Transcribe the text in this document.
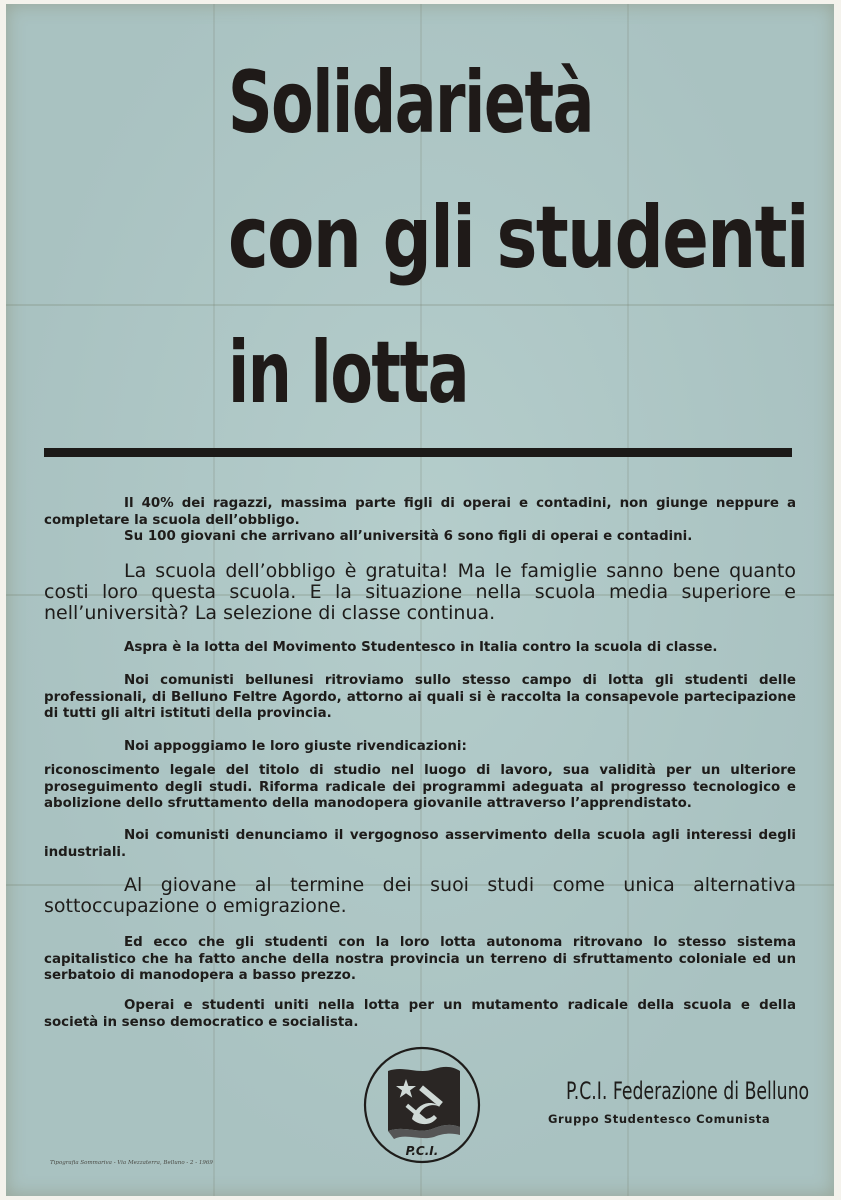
Solidarietà
con gli studenti
in lotta

Il 40% dei ragazzi, massima parte figli di operai e contadini, non giunge neppure a completare la scuola dell’obbligo.

Su 100 giovani che arrivano all’università 6 sono figli di operai e contadini.

La scuola dell’obbligo è gratuita! Ma le famiglie sanno bene quanto costi loro questa scuola. E la situazione nella scuola media superiore e nell’università? La selezione di classe continua.

Aspra è la lotta del Movimento Studentesco in Italia contro la scuola di classe.

Noi comunisti bellunesi ritroviamo sullo stesso campo di lotta gli studenti delle professionali, di Belluno Feltre Agordo, attorno ai quali si è raccolta la consapevole partecipazione di tutti gli altri istituti della provincia.

Noi appoggiamo le loro giuste rivendicazioni:

riconoscimento legale del titolo di studio nel luogo di lavoro, sua validità per un ulteriore proseguimento degli studi. Riforma radicale dei programmi adeguata al progresso tecnologico e abolizione dello sfruttamento della manodopera giovanile attraverso l’apprendistato.

Noi comunisti denunciamo il vergognoso asservimento della scuola agli interessi degli industriali.

Al giovane al termine dei suoi studi come unica alternativa sottoccupazione o emigrazione.

Ed ecco che gli studenti con la loro lotta autonoma ritrovano lo stesso sistema capitalistico che ha fatto anche della nostra provincia un terreno di sfruttamento coloniale ed un serbatoio di manodopera a basso prezzo.

Operai e studenti uniti nella lotta per un mutamento radicale della scuola e della società in senso democratico e socialista.

P.C.I.
P.C.I. Federazione di Belluno
Gruppo Studentesco Comunista
Tipografia Sommariva - Via Mezzaterra, Belluno - 2 - 1969
